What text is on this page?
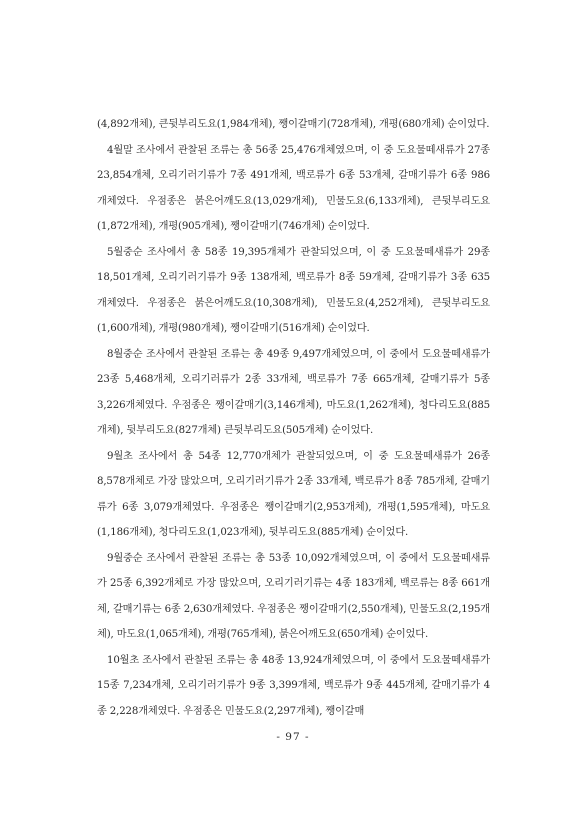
(4,892개체), 큰뒷부리도요(1,984개체), 쨍이갈매기(728개체), 개평(680개체) 순이었다.

4월말 조사에서 관찰된 조류는 총 56종 25,476개체였으며, 이 중 도요물떼새류가 27종 23,854개체, 오리기러기류가 7종 491개체, 백로류가 6종 53개체, 갈매기류가 6종 986개체였다. 우점종은 붉은어깨도요(13,029개체), 민물도요(6,133개체), 큰뒷부리도요(1,872개체), 개평(905개체), 쨍이갈매기(746개체) 순이었다.

5월중순 조사에서 총 58종 19,395개체가 관찰되었으며, 이 중 도요물떼새류가 29종 18,501개체, 오리기러기류가 9종 138개체, 백로류가 8종 59개체, 갈매기류가 3종 635개체였다. 우점종은 붉은어깨도요(10,308개체), 민물도요(4,252개체), 큰뒷부리도요(1,600개체), 개평(980개체), 쨍이갈매기(516개체) 순이었다.

8월중순 조사에서 관찰된 조류는 총 49종 9,497개체였으며, 이 중에서 도요물떼새류가 23종 5,468개체, 오리기러류가 2종 33개체, 백로류가 7종 665개체, 갈매기류가 5종 3,226개체였다. 우점종은 쨍이갈매기(3,146개체), 마도요(1,262개체), 청다리도요(885개체), 뒷부리도요(827개체) 큰뒷부리도요(505개체) 순이었다.

9월초 조사에서 총 54종 12,770개체가 관찰되었으며, 이 중 도요물떼새류가 26종 8,578개체로 가장 많았으며, 오리기러기류가 2종 33개체, 백로류가 8종 785개체, 갈매기류가 6종 3,079개체였다. 우점종은 쨍이갈매기(2,953개체), 개평(1,595개체), 마도요(1,186개체), 청다리도요(1,023개체), 뒷부리도요(885개체) 순이었다.

9월중순 조사에서 관찰된 조류는 총 53종 10,092개체였으며, 이 중에서 도요물떼새류가 25종 6,392개체로 가장 많았으며, 오리기러기류는 4종 183개체, 백로류는 8종 661개체, 갈매기류는 6종 2,630개체였다. 우점종은 쨍이갈매기(2,550개체), 민물도요(2,195개체), 마도요(1,065개체), 개평(765개체), 붉은어깨도요(650개체) 순이었다.

10월초 조사에서 관찰된 조류는 총 48종 13,924개체였으며, 이 중에서 도요물떼새류가 15종 7,234개체, 오리기러기류가 9종 3,399개체, 백로류가 9종 445개체, 갈매기류가 4종 2,228개체였다. 우점종은 민물도요(2,297개체), 쨍이갈매

- 97 -
